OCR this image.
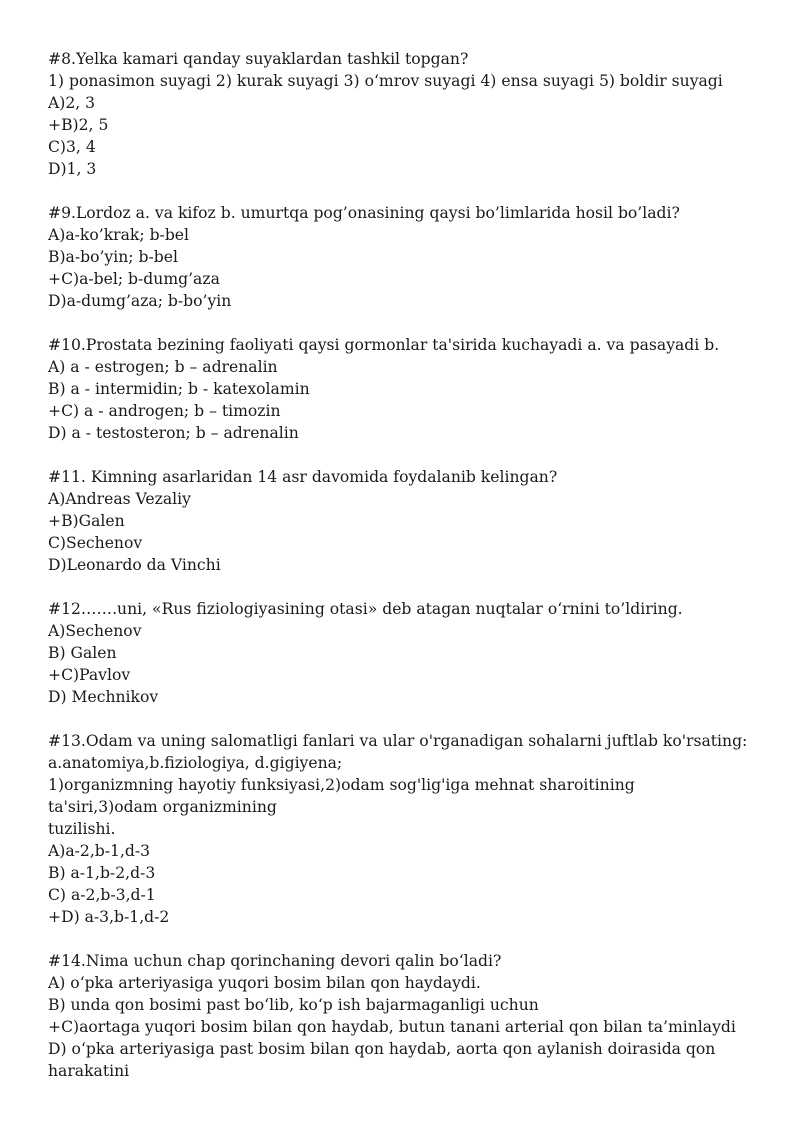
#8.Yelka kamari qanday suyaklardan tashkil topgan?
1) ponasimon suyagi 2) kurak suyagi 3) o‘mrov suyagi 4) ensa suyagi 5) boldir suyagi
A)2, 3
+B)2, 5
C)3, 4
D)1, 3
#9.Lordoz a. va kifoz b. umurtqa pog’onasining qaysi bo’limlarida hosil bo’ladi?
A)a-ko’krak; b-bel
B)a-bo’yin; b-bel
+C)a-bel; b-dumg’aza
D)a-dumg’aza; b-bo’yin
#10.Prostata bezining faoliyati qaysi gormonlar ta'sirida kuchayadi a. va pasayadi b.
A) a - estrogen; b – adrenalin
B) a - intermidin; b - katexolamin
+C) a - androgen; b – timozin
D) a - testosteron; b – adrenalin
#11. Kimning asarlaridan 14 asr davomida foydalanib kelingan?
A)Andreas Vezaliy
+B)Galen
C)Sechenov
D)Leonardo da Vinchi
#12…….uni, «Rus fiziologiyasining otasi» deb atagan nuqtalar o‘rnini to’ldiring.
A)Sechenov
B) Galen
+C)Pavlov
D) Mechnikov
#13.Odam va uning salomatligi fanlari va ular o'rganadigan sohalarni juftlab ko'rsating:
a.anatomiya,b.fiziologiya, d.gigiyena;
1)organizmning hayotiy funksiyasi,2)odam sog'lig'iga mehnat sharoitining ta'siri,3)odam organizmining
tuzilishi.
A)a-2,b-1,d-3
B) a-1,b-2,d-3
C) a-2,b-3,d-1
+D) a-3,b-1,d-2
#14.Nima uchun chap qorinchaning devori qalin bo‘ladi?
A) o‘pka arteriyasiga yuqori bosim bilan qon haydaydi.
B) unda qon bosimi past bo‘lib, ko‘p ish bajarmaganligi uchun
+C)aortaga yuqori bosim bilan qon haydab, butun tanani arterial qon bilan ta’minlaydi
D) o‘pka arteriyasiga past bosim bilan qon haydab, aorta qon aylanish doirasida qon harakatini
